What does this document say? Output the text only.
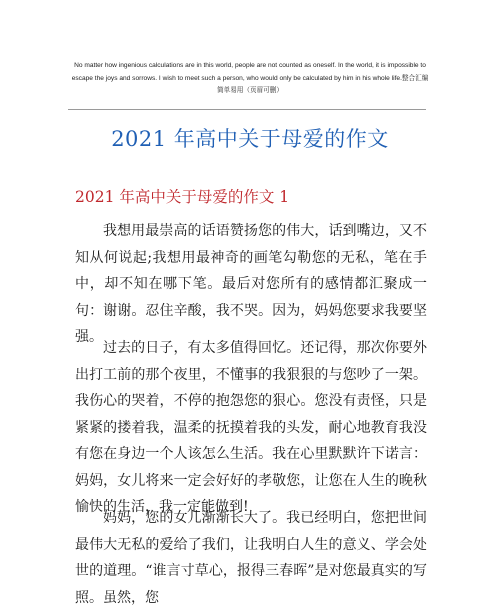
No matter how ingenious calculations are in this world, people are not counted as oneself. In the world, it is impossible to escape the joys and sorrows. I wish to meet such a person, who would only be calculated by him in his whole life.整合汇编 简单易用（页眉可删）
2021 年高中关于母爱的作文
2021 年高中关于母爱的作文 1
我想用最崇高的话语赞扬您的伟大，话到嘴边，又不知从何说起;我想用最神奇的画笔勾勒您的无私，笔在手中，却不知在哪下笔。最后对您所有的感情都汇聚成一句：谢谢。忍住辛酸，我不哭。因为，妈妈您要求我要坚强。
过去的日子，有太多值得回忆。还记得，那次你要外出打工前的那个夜里，不懂事的我狠狠的与您吵了一架。我伤心的哭着，不停的抱怨您的狠心。您没有责怪，只是紧紧的搂着我，温柔的抚摸着我的头发，耐心地教育我没有您在身边一个人该怎么生活。我在心里默默许下诺言：妈妈，女儿将来一定会好好的孝敬您，让您在人生的晚秋愉快的生活，我一定能做到!
妈妈，您的女儿渐渐长大了。我已经明白，您把世间最伟大无私的爱给了我们，让我明白人生的意义、学会处世的道理。“谁言寸草心，报得三春晖”是对您最真实的写照。虽然，您
